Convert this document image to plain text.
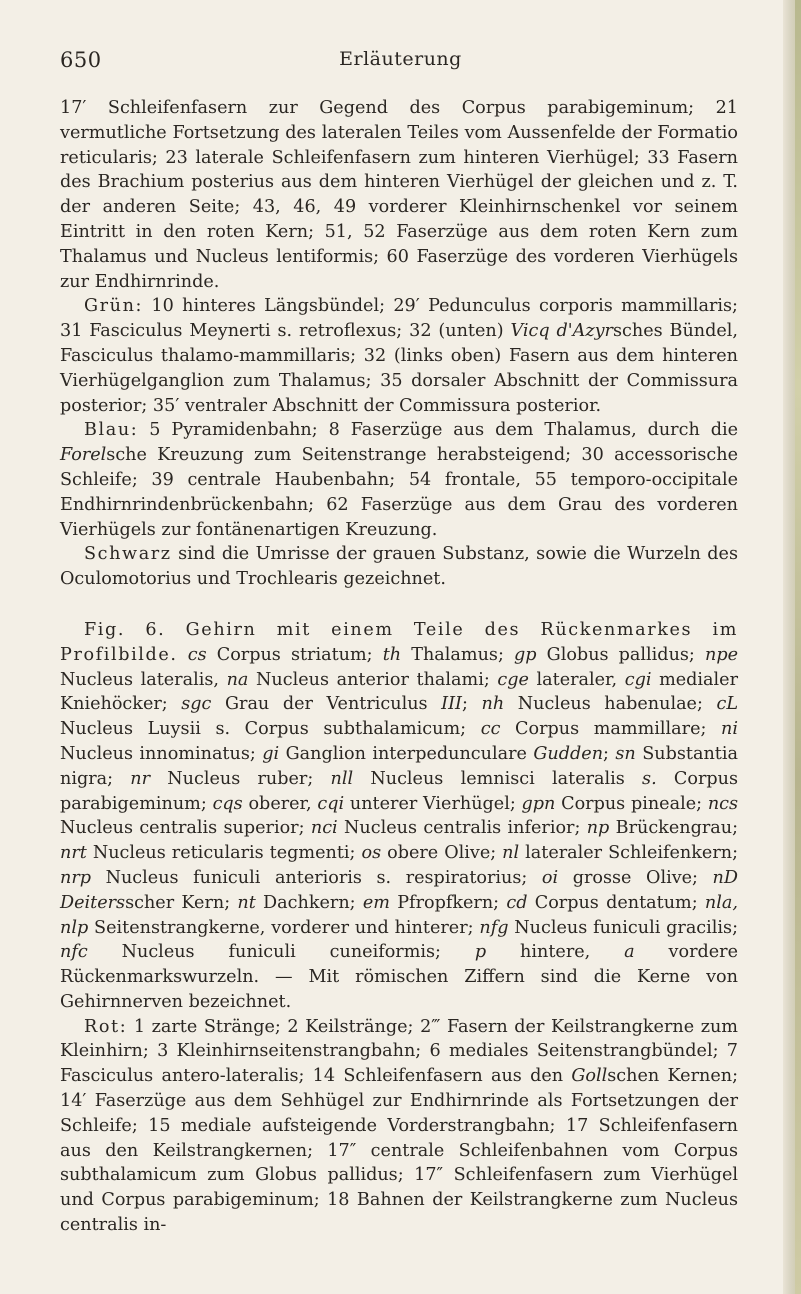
650	Erläuterung

17′ Schleifenfasern zur Gegend des Corpus parabigeminum; 21 vermutliche Fortsetzung des lateralen Teiles vom Aussenfelde der Formatio reticularis; 23 laterale Schleifenfasern zum hinteren Vierhügel; 33 Fasern des Brachium posterius aus dem hinteren Vierhügel der gleichen und z. T. der anderen Seite; 43, 46, 49 vorderer Kleinhirnschenkel vor seinem Eintritt in den roten Kern; 51, 52 Faserzüge aus dem roten Kern zum Thalamus und Nucleus lentiformis; 60 Faserzüge des vorderen Vierhügels zur Endhirnrinde.

Grün: 10 hinteres Längsbündel; 29′ Pedunculus corporis mammillaris; 31 Fasciculus Meynerti s. retroflexus; 32 (unten) Vicq d'Azyrsches Bündel, Fasciculus thalamo-mammillaris; 32 (links oben) Fasern aus dem hinteren Vierhügelganglion zum Thalamus; 35 dorsaler Abschnitt der Commissura posterior; 35′ ventraler Abschnitt der Commissura posterior.

Blau: 5 Pyramidenbahn; 8 Faserzüge aus dem Thalamus, durch die Forelsche Kreuzung zum Seitenstrange herabsteigend; 30 accessorische Schleife; 39 centrale Haubenbahn; 54 frontale, 55 temporo-occipitale Endhirnrindenbrückenbahn; 62 Faserzüge aus dem Grau des vorderen Vierhügels zur fontänenartigen Kreuzung.

Schwarz sind die Umrisse der grauen Substanz, sowie die Wurzeln des Oculomotorius und Trochlearis gezeichnet.

Fig. 6. Gehirn mit einem Teile des Rückenmarkes im Profilbilde. cs Corpus striatum; th Thalamus; gp Globus pallidus; npe Nucleus lateralis, na Nucleus anterior thalami; cge lateraler, cgi medialer Kniehöcker; sgc Grau der Ventriculus III; nh Nucleus habenulae; cL Nucleus Luysii s. Corpus subthalamicum; cc Corpus mammillare; ni Nucleus innominatus; gi Ganglion interpedunculare Gudden; sn Substantia nigra; nr Nucleus ruber; nll Nucleus lemnisci lateralis s. Corpus parabigeminum; cqs oberer, cqi unterer Vierhügel; gpn Corpus pineale; ncs Nucleus centralis superior; nci Nucleus centralis inferior; np Brückengrau; nrt Nucleus reticularis tegmenti; os obere Olive; nl lateraler Schleifenkern; nrp Nucleus funiculi anterioris s. respiratorius; oi grosse Olive; nD Deitersscher Kern; nt Dachkern; em Pfropfkern; cd Corpus dentatum; nla, nlp Seitenstrangkerne, vorderer und hinterer; nfg Nucleus funiculi gracilis; nfc Nucleus funiculi cuneiformis; p hintere, a vordere Rückenmarkswurzeln. — Mit römischen Ziffern sind die Kerne von Gehirnnerven bezeichnet.

Rot: 1 zarte Stränge; 2 Keilstränge; 2‴ Fasern der Keilstrangkerne zum Kleinhirn; 3 Kleinhirnseitenstrangbahn; 6 mediales Seitenstrangbündel; 7 Fasciculus antero-lateralis; 14 Schleifenfasern aus den Gollschen Kernen; 14′ Faserzüge aus dem Sehhügel zur Endhirnrinde als Fortsetzungen der Schleife; 15 mediale aufsteigende Vorderstrangbahn; 17 Schleifenfasern aus den Keilstrangkernen; 17″ centrale Schleifenbahnen vom Corpus subthalamicum zum Globus pallidus; 17″ Schleifenfasern zum Vierhügel und Corpus parabigeminum; 18 Bahnen der Keilstrangkerne zum Nucleus centralis in-
